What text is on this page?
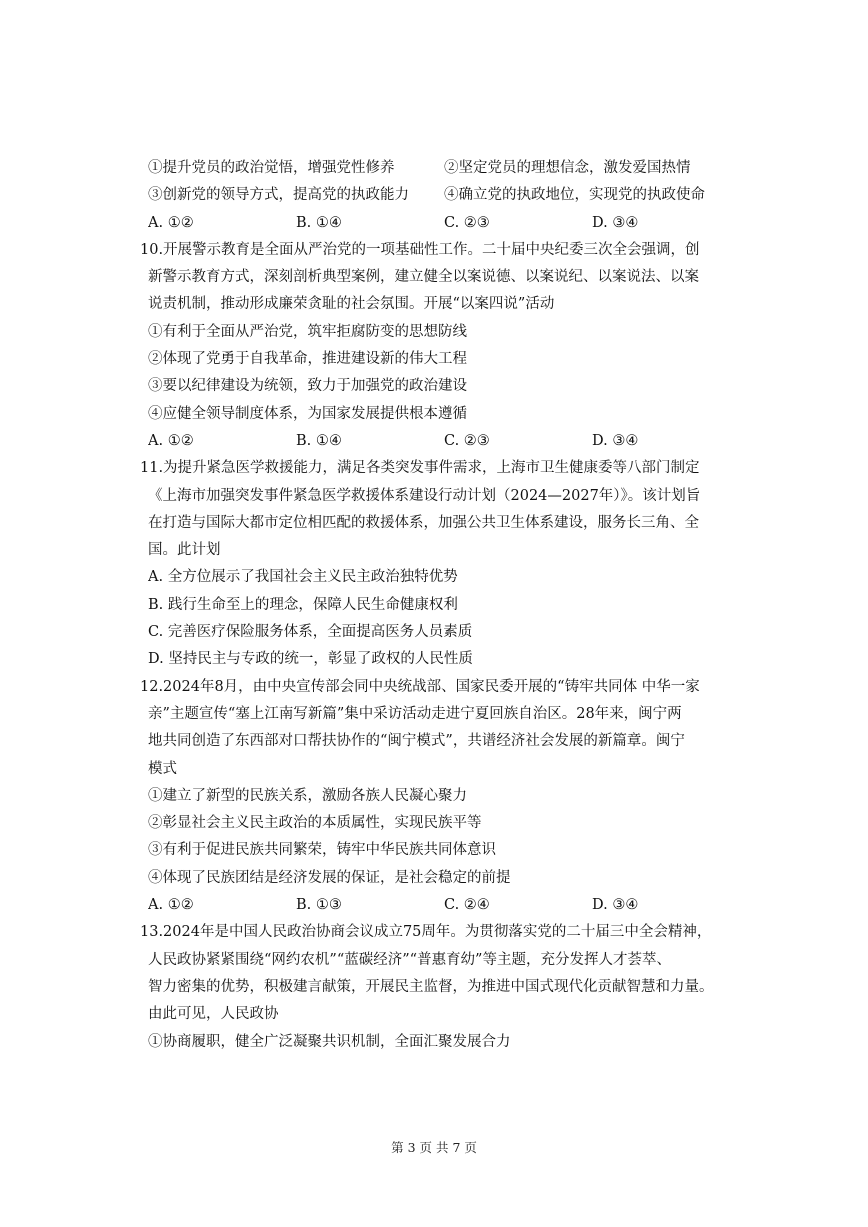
①提升党员的政治觉悟，增强党性修养	②坚定党员的理想信念，激发爱国热情
③创新党的领导方式，提高党的执政能力	④确立党的执政地位，实现党的执政使命
A. ①②	B. ①④	C. ②③	D. ③④
10.开展警示教育是全面从严治党的一项基础性工作。二十届中央纪委三次全会强调，创
新警示教育方式，深刻剖析典型案例，建立健全以案说德、以案说纪、以案说法、以案
说责机制，推动形成廉荣贪耻的社会氛围。开展“以案四说”活动
①有利于全面从严治党，筑牢拒腐防变的思想防线
②体现了党勇于自我革命，推进建设新的伟大工程
③要以纪律建设为统领，致力于加强党的政治建设
④应健全领导制度体系，为国家发展提供根本遵循
A. ①②	B. ①④	C. ②③	D. ③④
11.为提升紧急医学救援能力，满足各类突发事件需求，上海市卫生健康委等八部门制定
《上海市加强突发事件紧急医学救援体系建设行动计划（2024—2027年）》。该计划旨
在打造与国际大都市定位相匹配的救援体系，加强公共卫生体系建设，服务长三角、全
国。此计划
A. 全方位展示了我国社会主义民主政治独特优势
B. 践行生命至上的理念，保障人民生命健康权利
C. 完善医疗保险服务体系，全面提高医务人员素质
D. 坚持民主与专政的统一，彰显了政权的人民性质
12.2024年8月，由中央宣传部会同中央统战部、国家民委开展的“铸牢共同体 中华一家
亲”主题宣传“塞上江南写新篇”集中采访活动走进宁夏回族自治区。28年来，闽宁两
地共同创造了东西部对口帮扶协作的“闽宁模式”，共谱经济社会发展的新篇章。闽宁
模式
①建立了新型的民族关系，激励各族人民凝心聚力
②彰显社会主义民主政治的本质属性，实现民族平等
③有利于促进民族共同繁荣，铸牢中华民族共同体意识
④体现了民族团结是经济发展的保证，是社会稳定的前提
A. ①②	B. ①③	C. ②④	D. ③④
13.2024年是中国人民政治协商会议成立75周年。为贯彻落实党的二十届三中全会精神，
人民政协紧紧围绕“网约农机”“蓝碳经济”“普惠育幼”等主题，充分发挥人才荟萃、
智力密集的优势，积极建言献策，开展民主监督，为推进中国式现代化贡献智慧和力量。
由此可见，人民政协
①协商履职，健全广泛凝聚共识机制，全面汇聚发展合力
第 3 页 共 7 页
